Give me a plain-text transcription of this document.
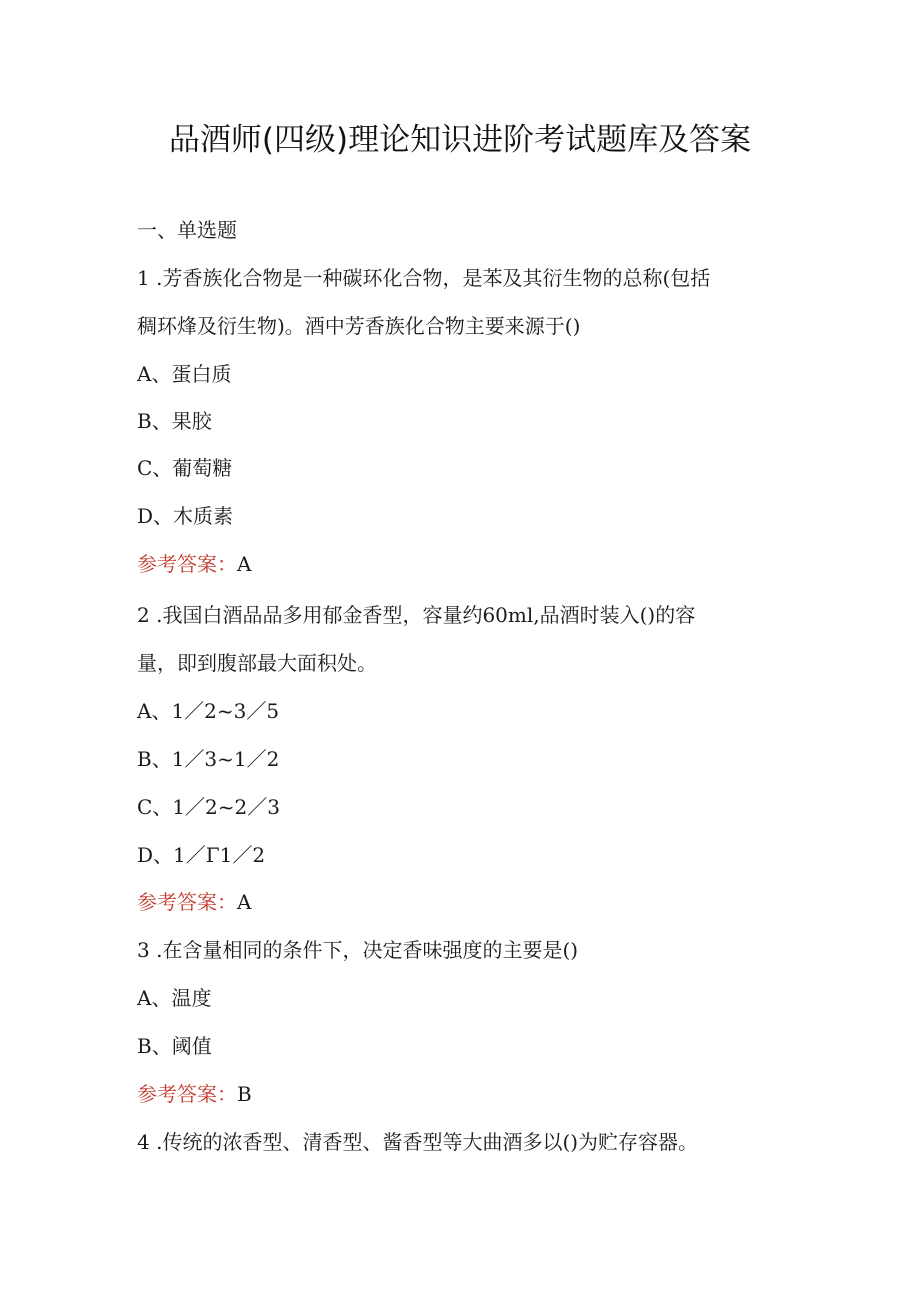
品酒师(四级)理论知识进阶考试题库及答案
一、单选题
1 .芳香族化合物是一种碳环化合物，是苯及其衍生物的总称(包括
稠环烽及衍生物)。酒中芳香族化合物主要来源于()
A、蛋白质
B、果胶
C、葡萄糖
D、木质素
参考答案：A
2 .我国白酒品品多用郁金香型，容量约60ml,品酒时装入()的容
量，即到腹部最大面积处。
A、1／2~3／5
B、1／3~1／2
C、1／2~2／3
D、1／Γ1／2
参考答案：A
3 .在含量相同的条件下，决定香味强度的主要是()
A、温度
B、阈值
参考答案：B
4 .传统的浓香型、清香型、酱香型等大曲酒多以()为贮存容器。
